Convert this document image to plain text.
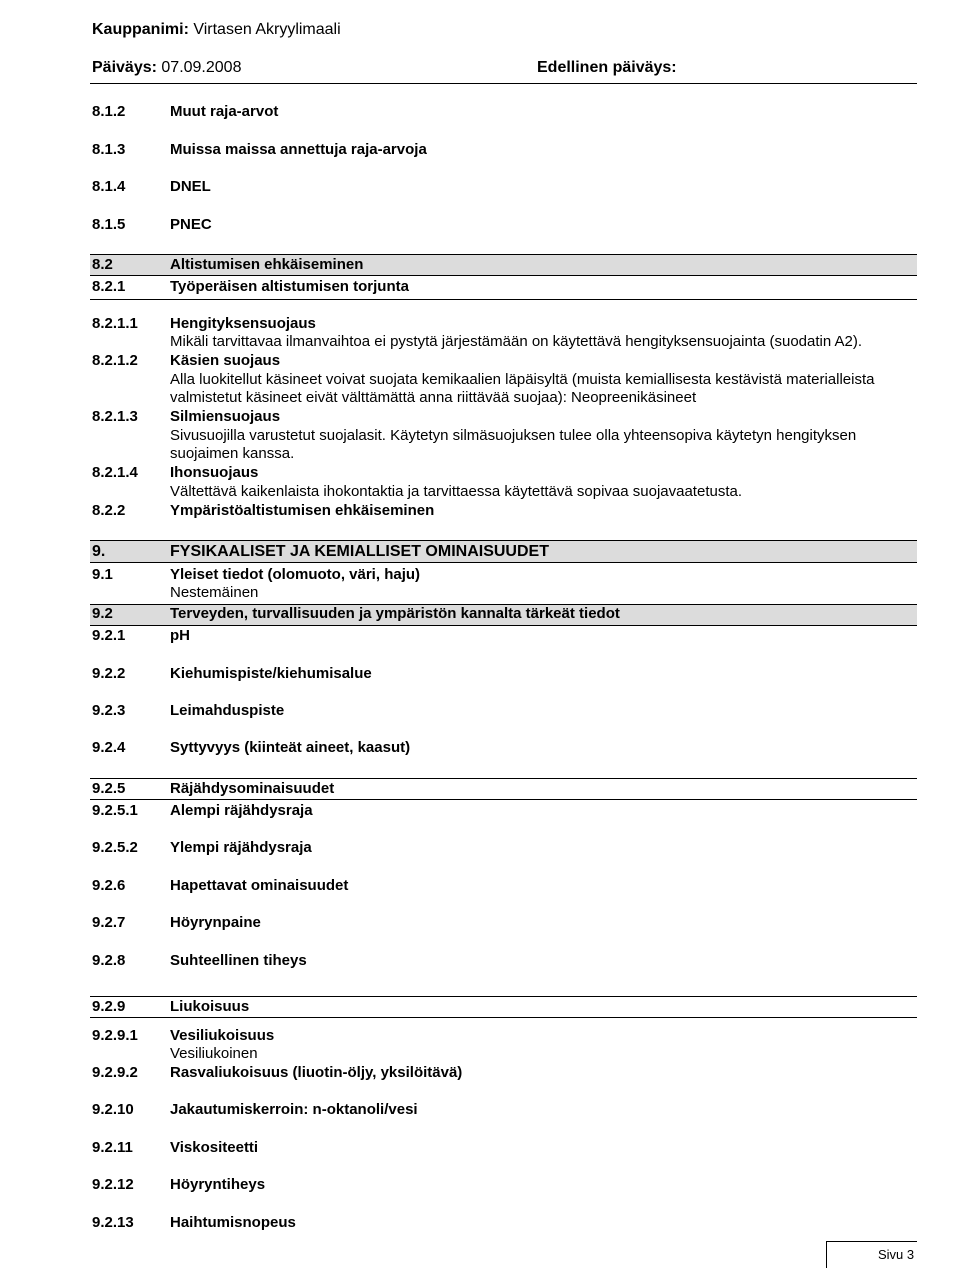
Kauppanimi: Virtasen Akryylimaali
Päiväys: 07.09.2008	Edellinen päiväys:
8.1.2	Muut raja-arvot
8.1.3	Muissa maissa annettuja raja-arvoja
8.1.4	DNEL
8.1.5	PNEC
8.2	Altistumisen ehkäiseminen
8.2.1	Työperäisen altistumisen torjunta
8.2.1.1 Hengityksensuojaus
Mikäli tarvittavaa ilmanvaihtoa ei pystytä järjestämään on käytettävä hengityksensuojainta (suodatin A2).
8.2.1.2 Käsien suojaus
Alla luokitellut käsineet voivat suojata kemikaalien läpäisyltä (muista kemiallisesta kestävistä materialleista valmistetut käsineet eivät välttämättä anna riittävää suojaa): Neopreenikäsineet
8.2.1.3 Silmiensuojaus
Sivusuojilla varustetut suojalasit. Käytetyn silmäsuojuksen tulee olla yhteensopiva käytetyn hengityksen suojaimen kanssa.
8.2.1.4 Ihonsuojaus
Vältettävä kaikenlaista ihokontaktia ja tarvittaessa käytettävä sopivaa suojavaatetusta.
8.2.2	Ympäristöaltistumisen ehkäiseminen
9.	FYSIKAALISET JA KEMIALLISET OMINAISUUDET
9.1	Yleiset tiedot (olomuoto, väri, haju)
Nestemäinen
9.2	Terveyden, turvallisuuden ja ympäristön kannalta tärkeät tiedot
9.2.1	pH
9.2.2	Kiehumispiste/kiehumisalue
9.2.3	Leimahduspiste
9.2.4	Syttyvyys (kiinteät aineet, kaasut)
9.2.5	Räjähdysominaisuudet
9.2.5.1 Alempi räjähdysraja
9.2.5.2 Ylempi räjähdysraja
9.2.6	Hapettavat ominaisuudet
9.2.7	Höyrynpaine
9.2.8	Suhteellinen tiheys
9.2.9	Liukoisuus
9.2.9.1 Vesiliukoisuus
Vesiliukoinen
9.2.9.2 Rasvaliukoisuus (liuotin-öljy, yksilöitävä)
9.2.10 Jakautumiskerroin: n-oktanoli/vesi
9.2.11 Viskositeetti
9.2.12 Höyryntiheys
9.2.13 Haihtumisnopeus
Sivu 3
